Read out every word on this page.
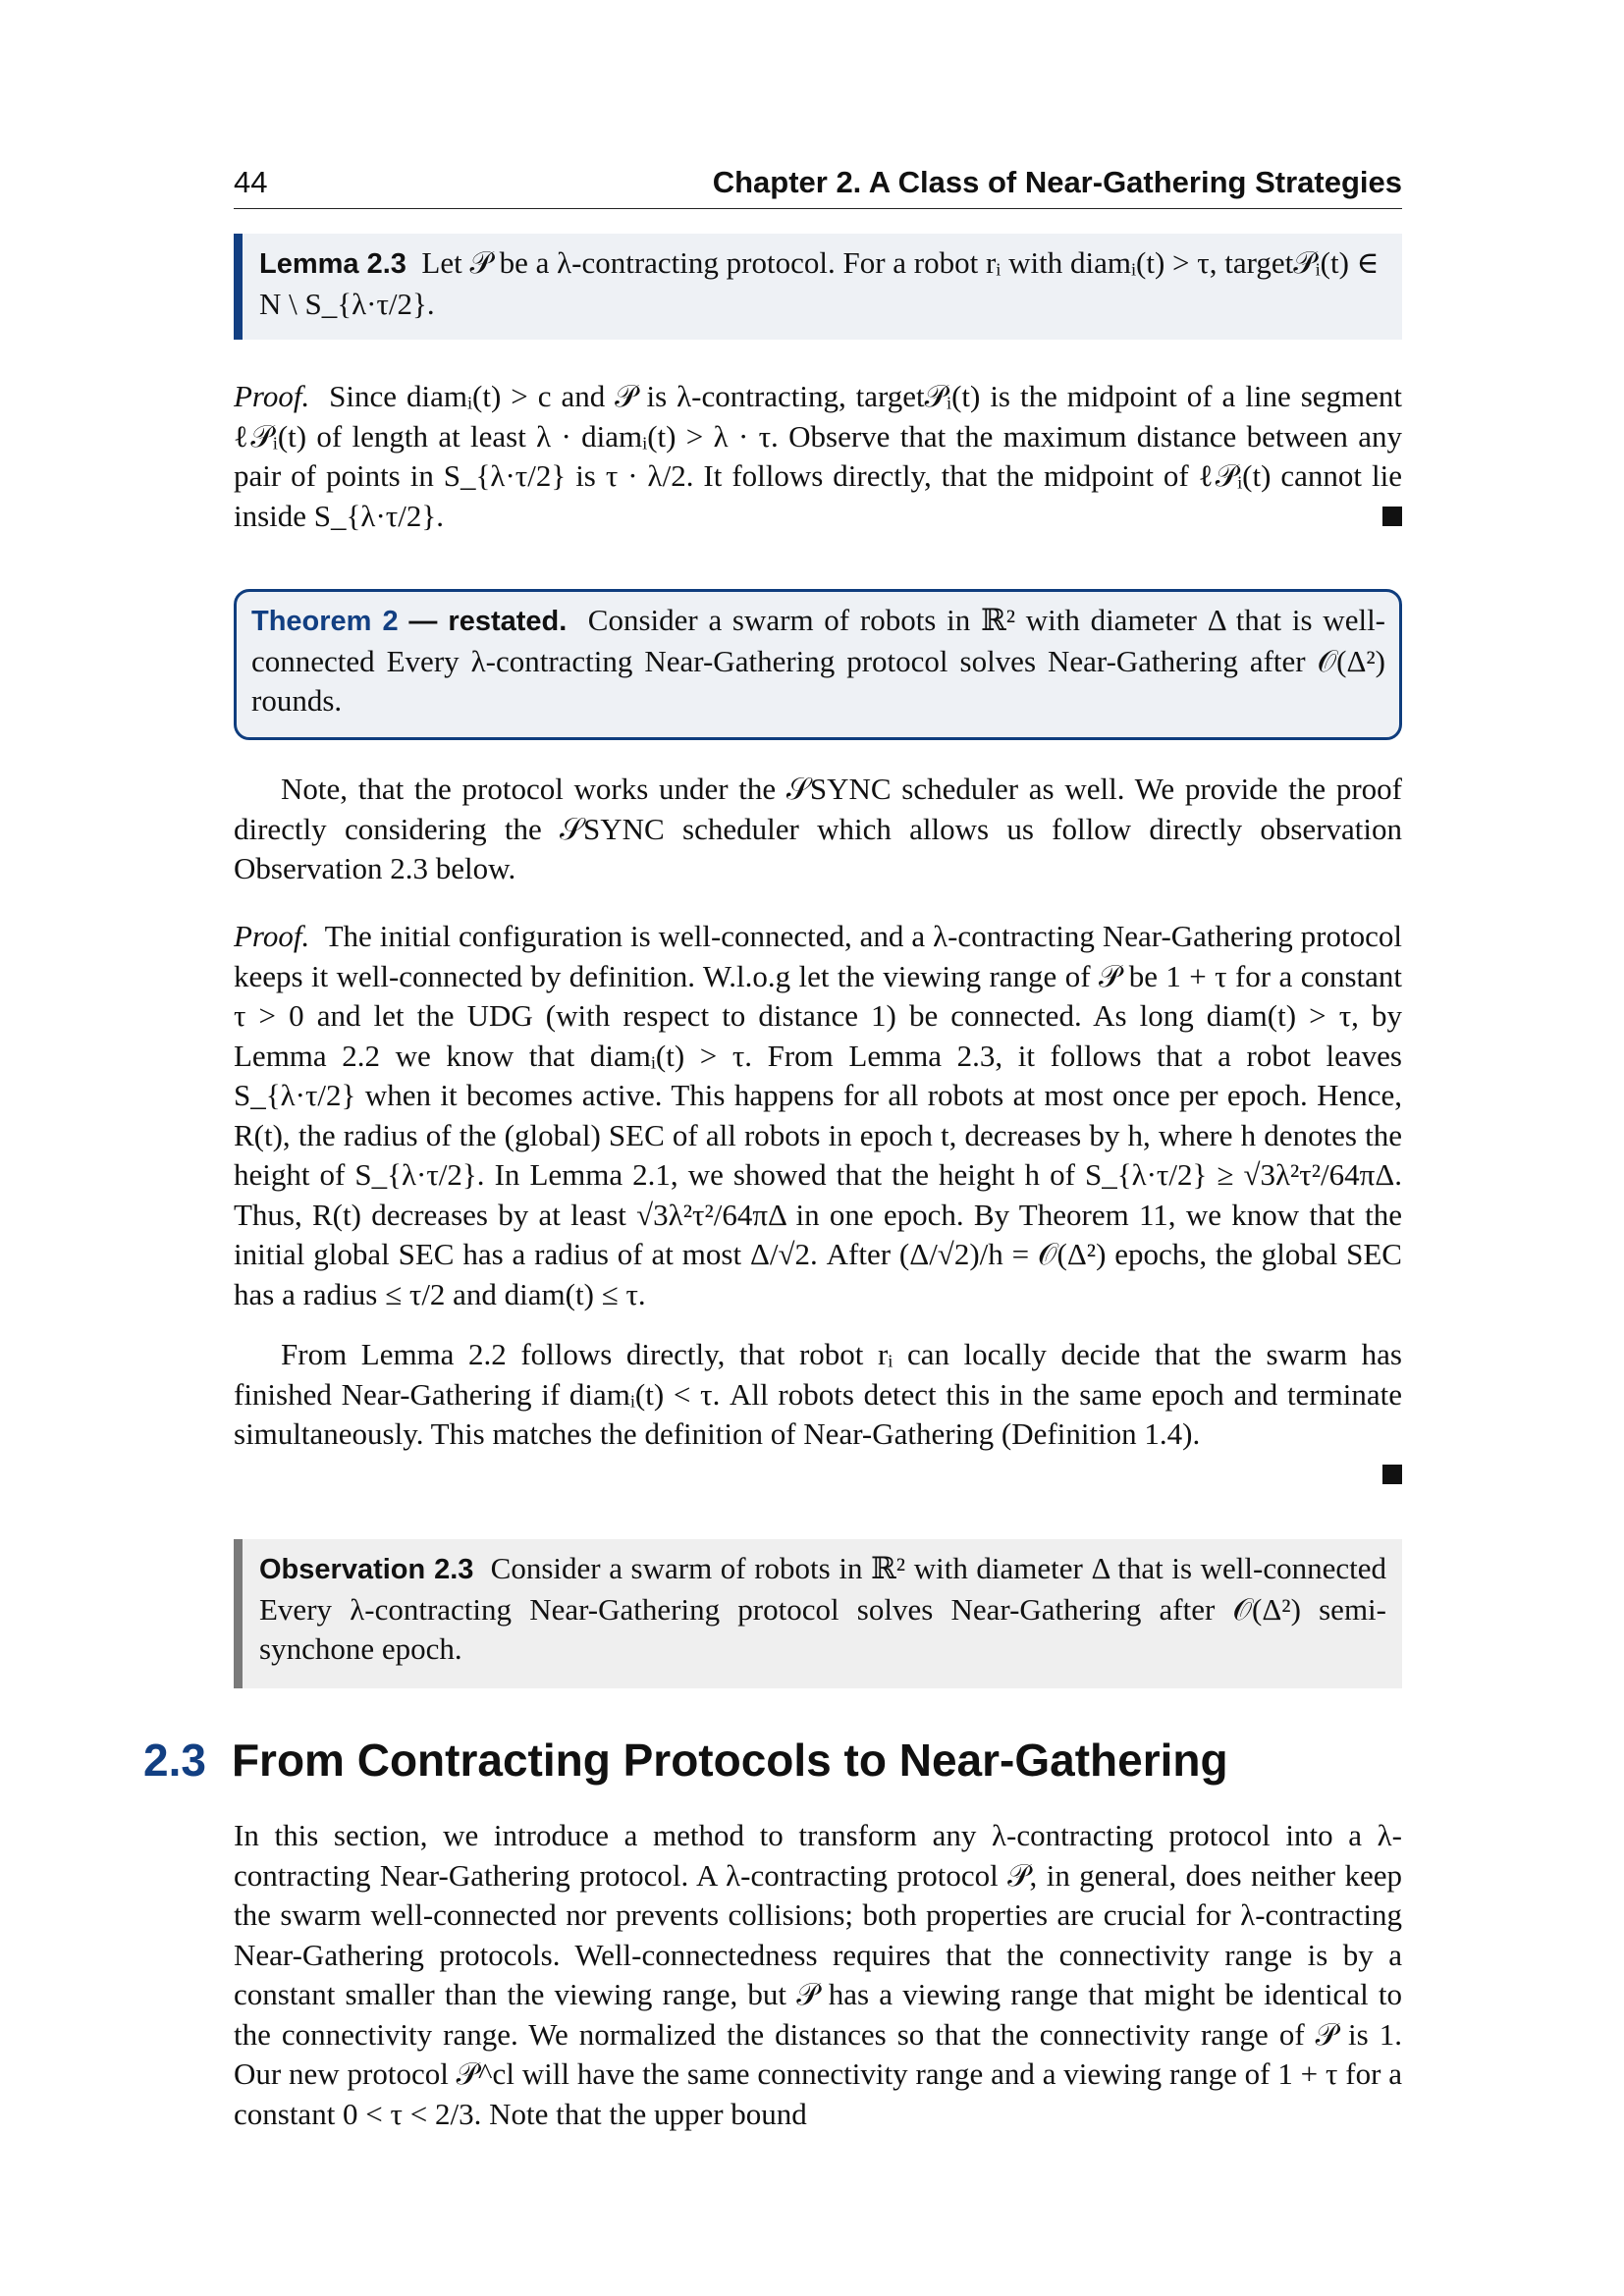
44	Chapter 2. A Class of Near-Gathering Strategies
Lemma 2.3 Let 𝒫 be a λ-contracting protocol. For a robot rᵢ with diamᵢ(t) > τ, target𝒫ᵢ(t) ∈ N \ S_{λ·τ/2}.
Proof. Since diamᵢ(t) > c and 𝒫 is λ-contracting, target𝒫ᵢ(t) is the midpoint of a line segment ℓ𝒫ᵢ(t) of length at least λ · diamᵢ(t) > λ · τ. Observe that the maximum distance between any pair of points in S_{λ·τ/2} is τ · λ/2. It follows directly, that the midpoint of ℓ𝒫ᵢ(t) cannot lie inside S_{λ·τ/2}.
Theorem 2 — restated. Consider a swarm of robots in ℝ² with diameter Δ that is well-connected Every λ-contracting Near-Gathering protocol solves Near-Gathering after 𝒪(Δ²) rounds.
Note, that the protocol works under the 𝒮SYNC scheduler as well. We provide the proof directly considering the 𝒮SYNC scheduler which allows us follow directly observation Observation 2.3 below.
Proof. The initial configuration is well-connected, and a λ-contracting Near-Gathering protocol keeps it well-connected by definition. W.l.o.g let the viewing range of 𝒫 be 1 + τ for a constant τ > 0 and let the UDG (with respect to distance 1) be connected. As long diam(t) > τ, by Lemma 2.2 we know that diamᵢ(t) > τ. From Lemma 2.3, it follows that a robot leaves S_{λ·τ/2} when it becomes active. This happens for all robots at most once per epoch. Hence, R(t), the radius of the (global) SEC of all robots in epoch t, decreases by h, where h denotes the height of S_{λ·τ/2}. In Lemma 2.1, we showed that the height h of S_{λ·τ/2} ≥ √3λ²τ²/64πΔ. Thus, R(t) decreases by at least √3λ²τ²/64πΔ in one epoch. By Theorem 11, we know that the initial global SEC has a radius of at most Δ/√2. After (Δ/√2)/h = 𝒪(Δ²) epochs, the global SEC has a radius ≤ τ/2 and diam(t) ≤ τ.
From Lemma 2.2 follows directly, that robot rᵢ can locally decide that the swarm has finished Near-Gathering if diamᵢ(t) < τ. All robots detect this in the same epoch and terminate simultaneously. This matches the definition of Near-Gathering (Definition 1.4).
Observation 2.3 Consider a swarm of robots in ℝ² with diameter Δ that is well-connected Every λ-contracting Near-Gathering protocol solves Near-Gathering after 𝒪(Δ²) semi-synchone epoch.
2.3 From Contracting Protocols to Near-Gathering
In this section, we introduce a method to transform any λ-contracting protocol into a λ-contracting Near-Gathering protocol. A λ-contracting protocol 𝒫, in general, does neither keep the swarm well-connected nor prevents collisions; both properties are crucial for λ-contracting Near-Gathering protocols. Well-connectedness requires that the connectivity range is by a constant smaller than the viewing range, but 𝒫 has a viewing range that might be identical to the connectivity range. We normalized the distances so that the connectivity range of 𝒫 is 1. Our new protocol 𝒫^cl will have the same connectivity range and a viewing range of 1 + τ for a constant 0 < τ < 2/3. Note that the upper bound
